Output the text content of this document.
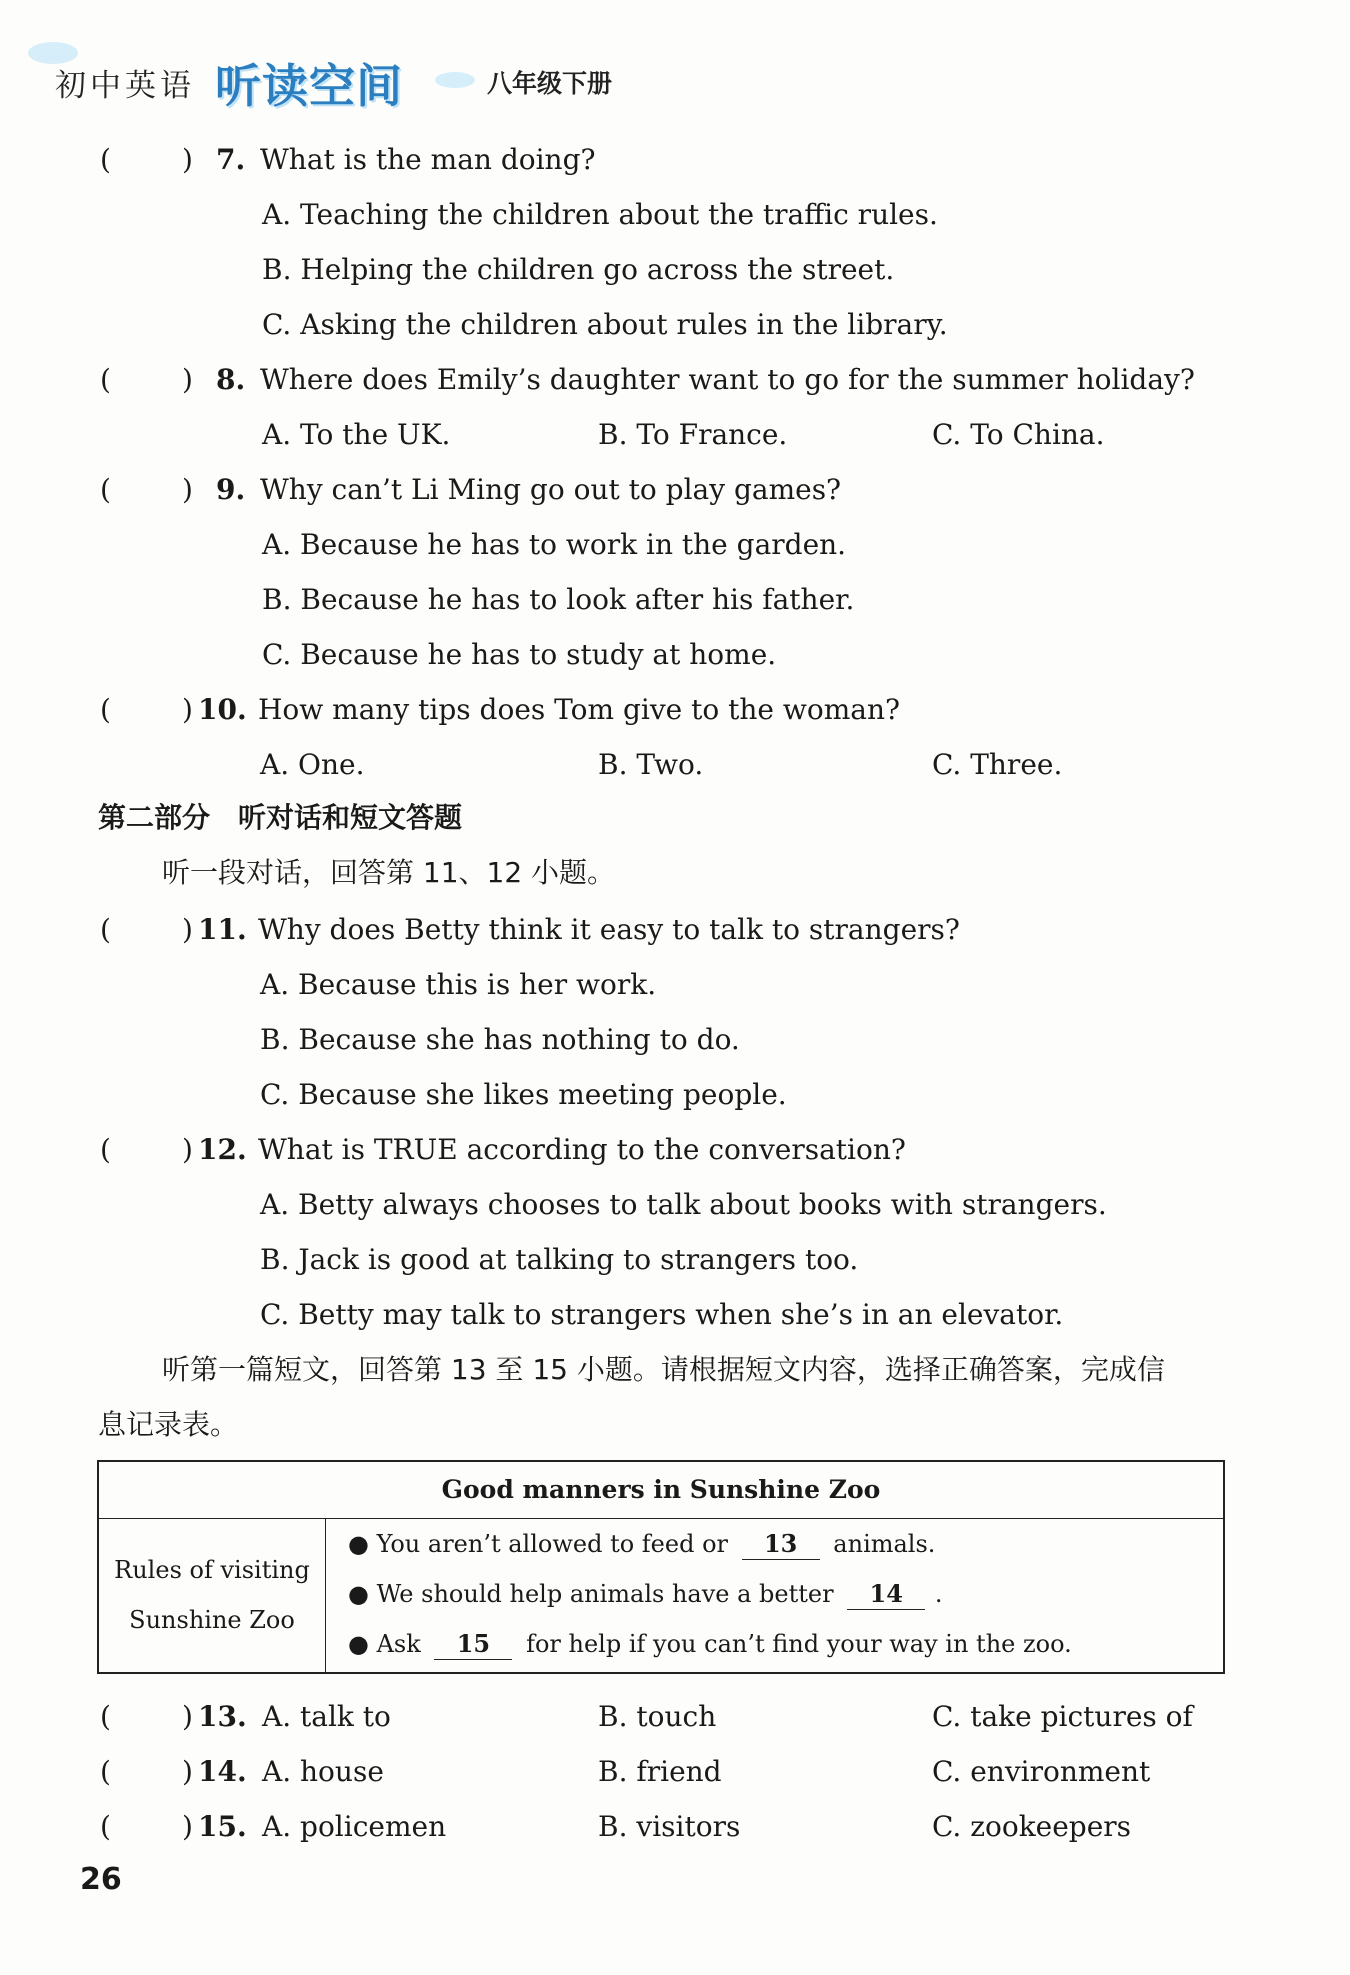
初中英语 听读空间	八年级下册
(	) 7. What is the man doing?
A. Teaching the children about the traffic rules.
B. Helping the children go across the street.
C. Asking the children about rules in the library.
(	) 8. Where does Emily’s daughter want to go for the summer holiday?
A. To the UK.	B. To France.	C. To China.
(	) 9. Why can’t Li Ming go out to play games?
A. Because he has to work in the garden.
B. Because he has to look after his father.
C. Because he has to study at home.
(	) 10. How many tips does Tom give to the woman?
A. One.	B. Two.	C. Three.
第二部分　听对话和短文答题
听一段对话，回答第 11、12 小题。
(	) 11. Why does Betty think it easy to talk to strangers?
A. Because this is her work.
B. Because she has nothing to do.
C. Because she likes meeting people.
(	) 12. What is TRUE according to the conversation?
A. Betty always chooses to talk about books with strangers.
B. Jack is good at talking to strangers too.
C. Betty may talk to strangers when she’s in an elevator.
听第一篇短文，回答第 13 至 15 小题。请根据短文内容，选择正确答案，完成信
息记录表。
Good manners in Sunshine Zoo
Rules of visiting
Sunshine Zoo
● You aren’t allowed to feed or 13 animals.
● We should help animals have a better 14 .
● Ask 15 for help if you can’t find your way in the zoo.
(	) 13. A. talk to	B. touch	C. take pictures of
(	) 14. A. house	B. friend	C. environment
(	) 15. A. policemen	B. visitors	C. zookeepers
26
